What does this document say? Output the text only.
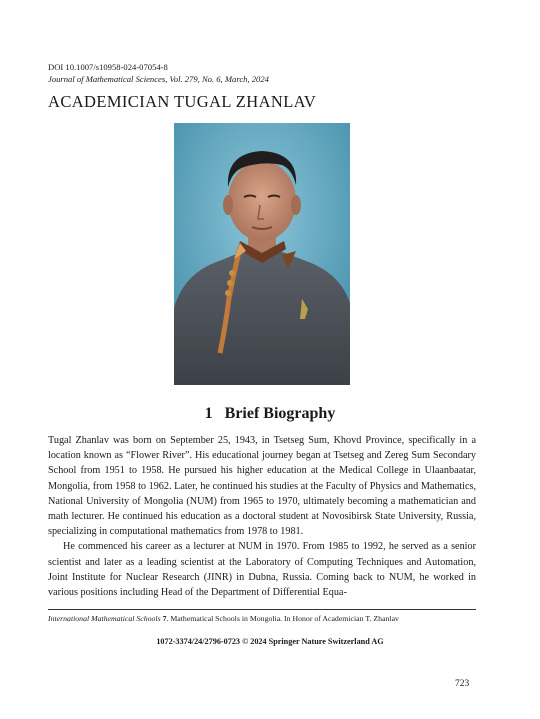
DOI 10.1007/s10958-024-07054-8
Journal of Mathematical Sciences, Vol. 279, No. 6, March, 2024
ACADEMICIAN TUGAL ZHANLAV
1 Brief Biography

Tugal Zhanlav was born on September 25, 1943, in Tsetseg Sum, Khovd Province, specifically in a location known as “Flower River”. His educational journey began at Tsetseg and Zereg Sum Secondary School from 1951 to 1958. He pursued his higher education at the Medical College in Ulaanbaatar, Mongolia, from 1958 to 1962. Later, he continued his studies at the Faculty of Physics and Mathematics, National University of Mongolia (NUM) from 1965 to 1970, ultimately becoming a mathematician and math lecturer. He continued his education as a doctoral student at Novosibirsk State University, Russia, specializing in computational mathematics from 1978 to 1981.

He commenced his career as a lecturer at NUM in 1970. From 1985 to 1992, he served as a senior scientist and later as a leading scientist at the Laboratory of Computing Techniques and Automation, Joint Institute for Nuclear Research (JINR) in Dubna, Russia. Coming back to NUM, he worked in various positions including Head of the Department of Differential Equa-

International Mathematical Schools 7. Mathematical Schools in Mongolia. In Honor of Academician T. Zhanlav
1072-3374/24/2796-0723 © 2024 Springer Nature Switzerland AG
723
